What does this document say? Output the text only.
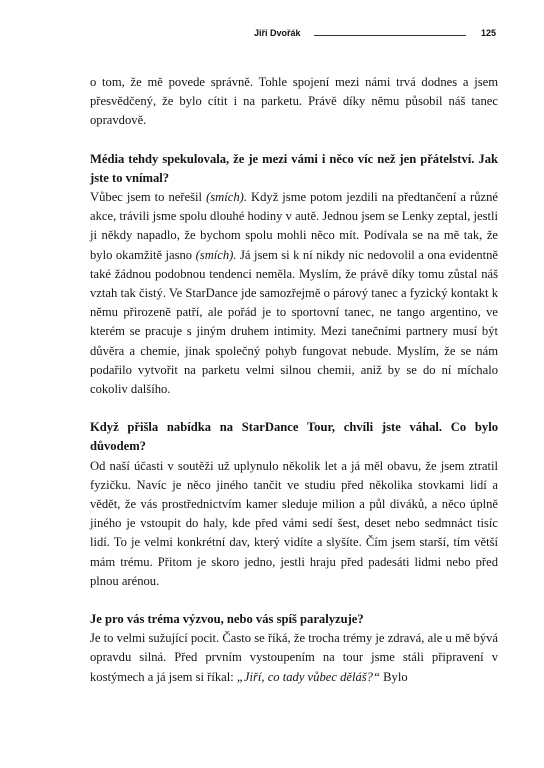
Jiří Dvořák	125

o tom, že mě povede správně. Tohle spojení mezi námi trvá dodnes a jsem přesvědčený, že bylo cítit i na parketu. Právě díky němu působil náš tanec opravdově.

Média tehdy spekulovala, že je mezi vámi i něco víc než jen přátelství. Jak jste to vnímal?

Vůbec jsem to neřešil (smích). Když jsme potom jezdili na předtančení a různé akce, trávili jsme spolu dlouhé hodiny v autě. Jednou jsem se Lenky zeptal, jestli ji někdy napadlo, že bychom spolu mohli něco mít. Podívala se na mě tak, že bylo okamžitě jasno (smích). Já jsem si k ní nikdy nic nedovolil a ona evidentně také žádnou podobnou tendenci neměla. Myslím, že právě díky tomu zůstal náš vztah tak čistý. Ve StarDance jde samozřejmě o párový tanec a fyzický kontakt k němu přirozeně patří, ale pořád je to sportovní tanec, ne tango argentino, ve kterém se pracuje s jiným druhem intimity. Mezi tanečními partnery musí být důvěra a chemie, jinak společný pohyb fungovat nebude. Myslím, že se nám podařilo vytvořit na parketu velmi silnou chemii, aniž by se do ní míchalo cokoliv dalšího.

Když přišla nabídka na StarDance Tour, chvíli jste váhal. Co bylo důvodem?

Od naší účasti v soutěži už uplynulo několik let a já měl obavu, že jsem ztratil fyzičku. Navíc je něco jiného tančit ve studiu před několika stovkami lidí a vědět, že vás prostřednictvím kamer sleduje milion a půl diváků, a něco úplně jiného je vstoupit do haly, kde před vámi sedí šest, deset nebo sedmnáct tisíc lidí. To je velmi konkrétní dav, který vidíte a slyšíte. Čím jsem starší, tím větší mám trému. Přitom je skoro jedno, jestli hraju před padesáti lidmi nebo před plnou arénou.

Je pro vás tréma výzvou, nebo vás spíš paralyzuje?

Je to velmi sužující pocit. Často se říká, že trocha trémy je zdravá, ale u mě bývá opravdu silná. Před prvním vystoupením na tour jsme stáli připravení v kostýmech a já jsem si říkal: „Jiří, co tady vůbec děláš?“ Bylo
